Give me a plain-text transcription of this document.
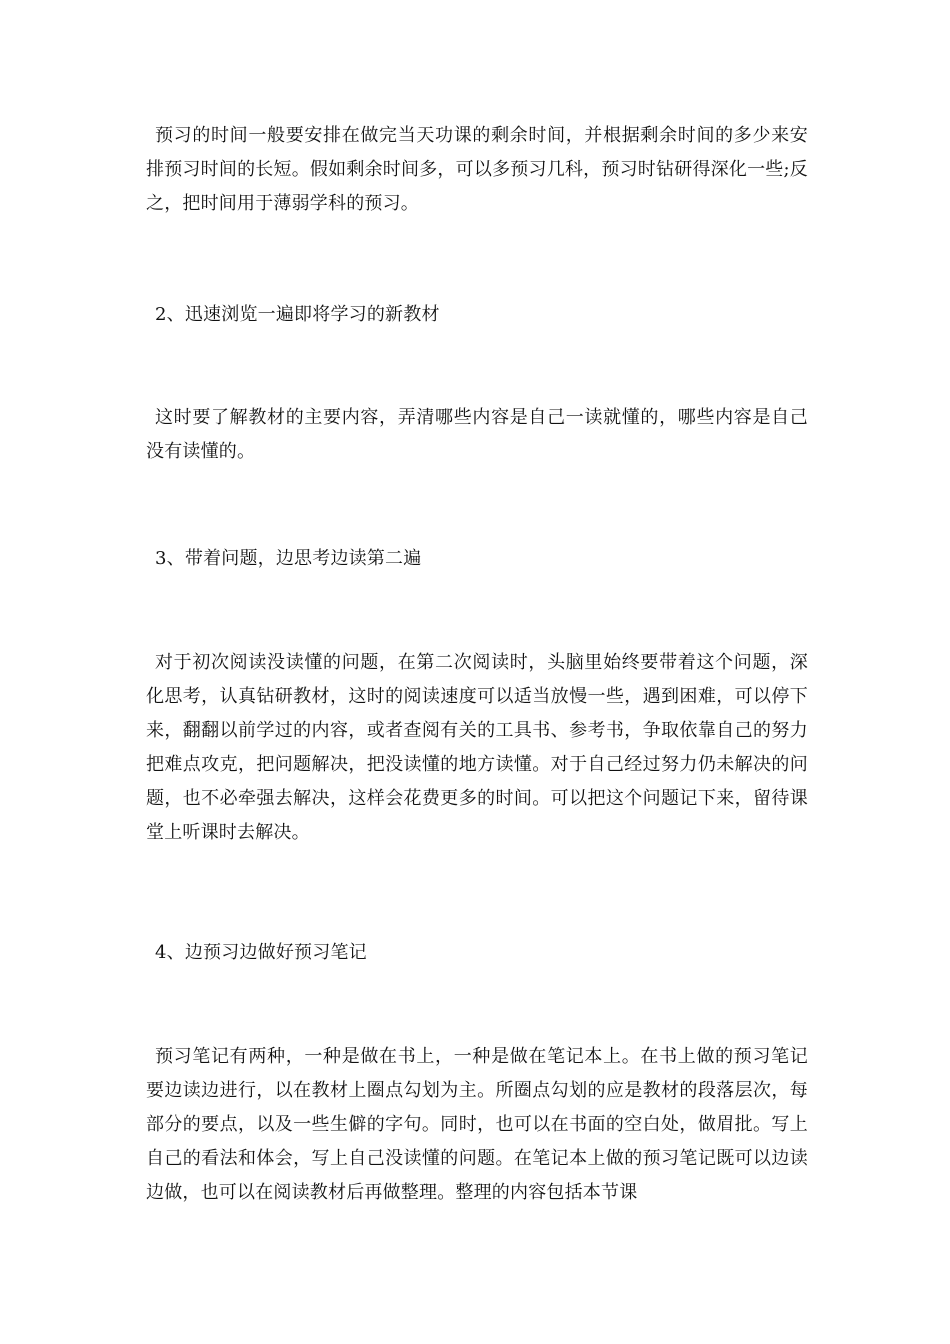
预习的时间一般要安排在做完当天功课的剩余时间，并根据剩余时间的多少来安排预习时间的长短。假如剩余时间多，可以多预习几科，预习时钻研得深化一些;反之，把时间用于薄弱学科的预习。

2、迅速浏览一遍即将学习的新教材

这时要了解教材的主要内容，弄清哪些内容是自己一读就懂的，哪些内容是自己没有读懂的。

3、带着问题，边思考边读第二遍

对于初次阅读没读懂的问题，在第二次阅读时，头脑里始终要带着这个问题，深化思考，认真钻研教材，这时的阅读速度可以适当放慢一些，遇到困难，可以停下来，翻翻以前学过的内容，或者查阅有关的工具书、参考书，争取依靠自己的努力把难点攻克，把问题解决，把没读懂的地方读懂。对于自己经过努力仍未解决的问题，也不必牵强去解决，这样会花费更多的时间。可以把这个问题记下来，留待课堂上听课时去解决。

4、边预习边做好预习笔记

预习笔记有两种，一种是做在书上，一种是做在笔记本上。在书上做的预习笔记要边读边进行，以在教材上圈点勾划为主。所圈点勾划的应是教材的段落层次，每部分的要点，以及一些生僻的字句。同时，也可以在书面的空白处，做眉批。写上自己的看法和体会，写上自己没读懂的问题。在笔记本上做的预习笔记既可以边读边做，也可以在阅读教材后再做整理。整理的内容包括本节课
